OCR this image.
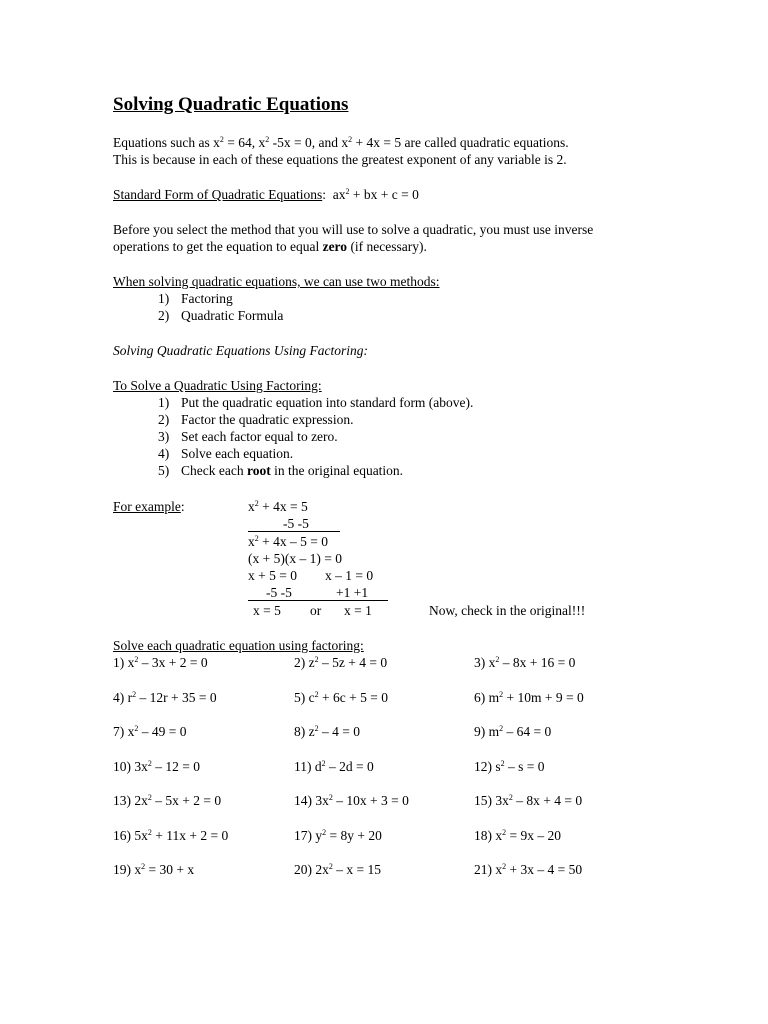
Solving Quadratic Equations
Equations such as $x^2 = 64$, $x^2$ -5x = 0, and $x^2 + 4x = 5$ are called quadratic equations.
This is because in each of these equations the greatest exponent of any variable is 2.
Standard Form of Quadratic Equations: $ax^2$ + bx + c = 0
Before you select the method that you will use to solve a quadratic, you must use inverse
operations to get the equation to equal zero (if necessary).
When solving quadratic equations, we can use two methods:
1) Factoring
2) Quadratic Formula
Solving Quadratic Equations Using Factoring:
To Solve a Quadratic Using Factoring:
1) Put the quadratic equation into standard form (above).
2) Factor the quadratic expression.
3) Set each factor equal to zero.
4) Solve each equation.
5) Check each root in the original equation.
For example:	$x^2 + 4x = 5$
-5 -5
$x^2 + 4x - 5 = 0$
(x + 5)(x – 1) = 0
x + 5 = 0 x – 1 = 0
-5 -5	+1 +1
x = 5 or x = 1	Now, check in the original!!!
Solve each quadratic equation using factoring:
1) $x^2 - 3x + 2 = 0$	2) $z^2 - 5z + 4 = 0$	3) $x^2 - 8x + 16 = 0$
4) $r^2 - 12r + 35 = 0$	5) $c^2 + 6c + 5 = 0$	6) $m^2 + 10m + 9 = 0$
7) $x^2 - 49 = 0$	8) $z^2 - 4 = 0$	9) $m^2 - 64 = 0$
10) $3x^2 - 12 = 0$	11) $d^2 - 2d = 0$	12) $s^2 - s = 0$
13) $2x^2 - 5x + 2 = 0$	14) $3x^2 - 10x + 3 = 0$	15) $3x^2 - 8x + 4 = 0$
16) $5x^2 + 11x + 2 = 0$	17) $y^2 = 8y + 20$	18) $x^2 = 9x - 20$
19) $x^2 = 30 + x$	20) $2x^2 - x = 15$	21) $x^2 + 3x - 4 = 50$
